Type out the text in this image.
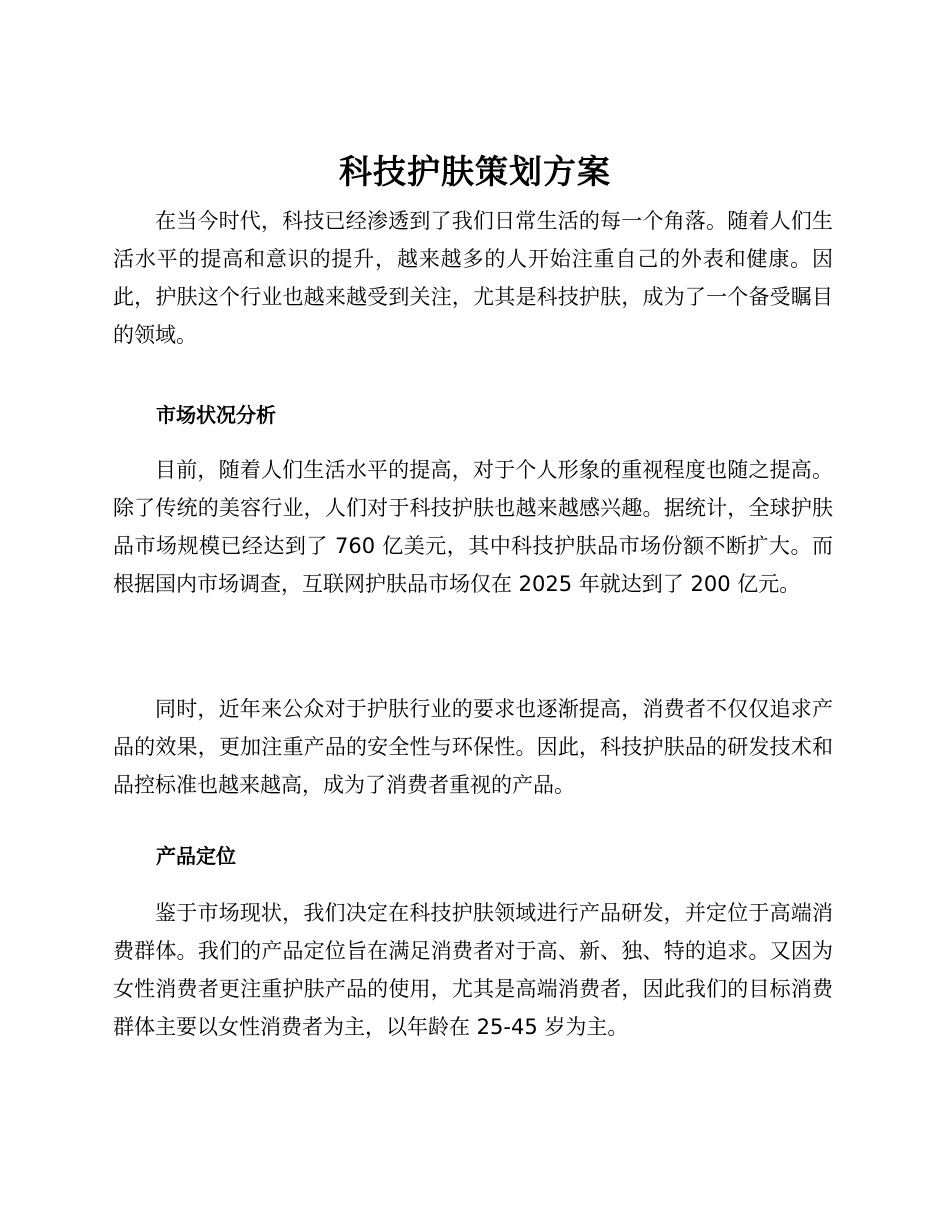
科技护肤策划方案

在当今时代，科技已经渗透到了我们日常生活的每一个角落。随着人们生活水平的提高和意识的提升，越来越多的人开始注重自己的外表和健康。因此，护肤这个行业也越来越受到关注，尤其是科技护肤，成为了一个备受瞩目的领域。

市场状况分析

目前，随着人们生活水平的提高，对于个人形象的重视程度也随之提高。除了传统的美容行业，人们对于科技护肤也越来越感兴趣。据统计，全球护肤品市场规模已经达到了 760 亿美元，其中科技护肤品市场份额不断扩大。而根据国内市场调查，互联网护肤品市场仅在 2025 年就达到了 200 亿元。

同时，近年来公众对于护肤行业的要求也逐渐提高，消费者不仅仅追求产品的效果，更加注重产品的安全性与环保性。因此，科技护肤品的研发技术和品控标准也越来越高，成为了消费者重视的产品。

产品定位

鉴于市场现状，我们决定在科技护肤领域进行产品研发，并定位于高端消费群体。我们的产品定位旨在满足消费者对于高、新、独、特的追求。又因为女性消费者更注重护肤产品的使用，尤其是高端消费者，因此我们的目标消费群体主要以女性消费者为主，以年龄在 25-45 岁为主。
